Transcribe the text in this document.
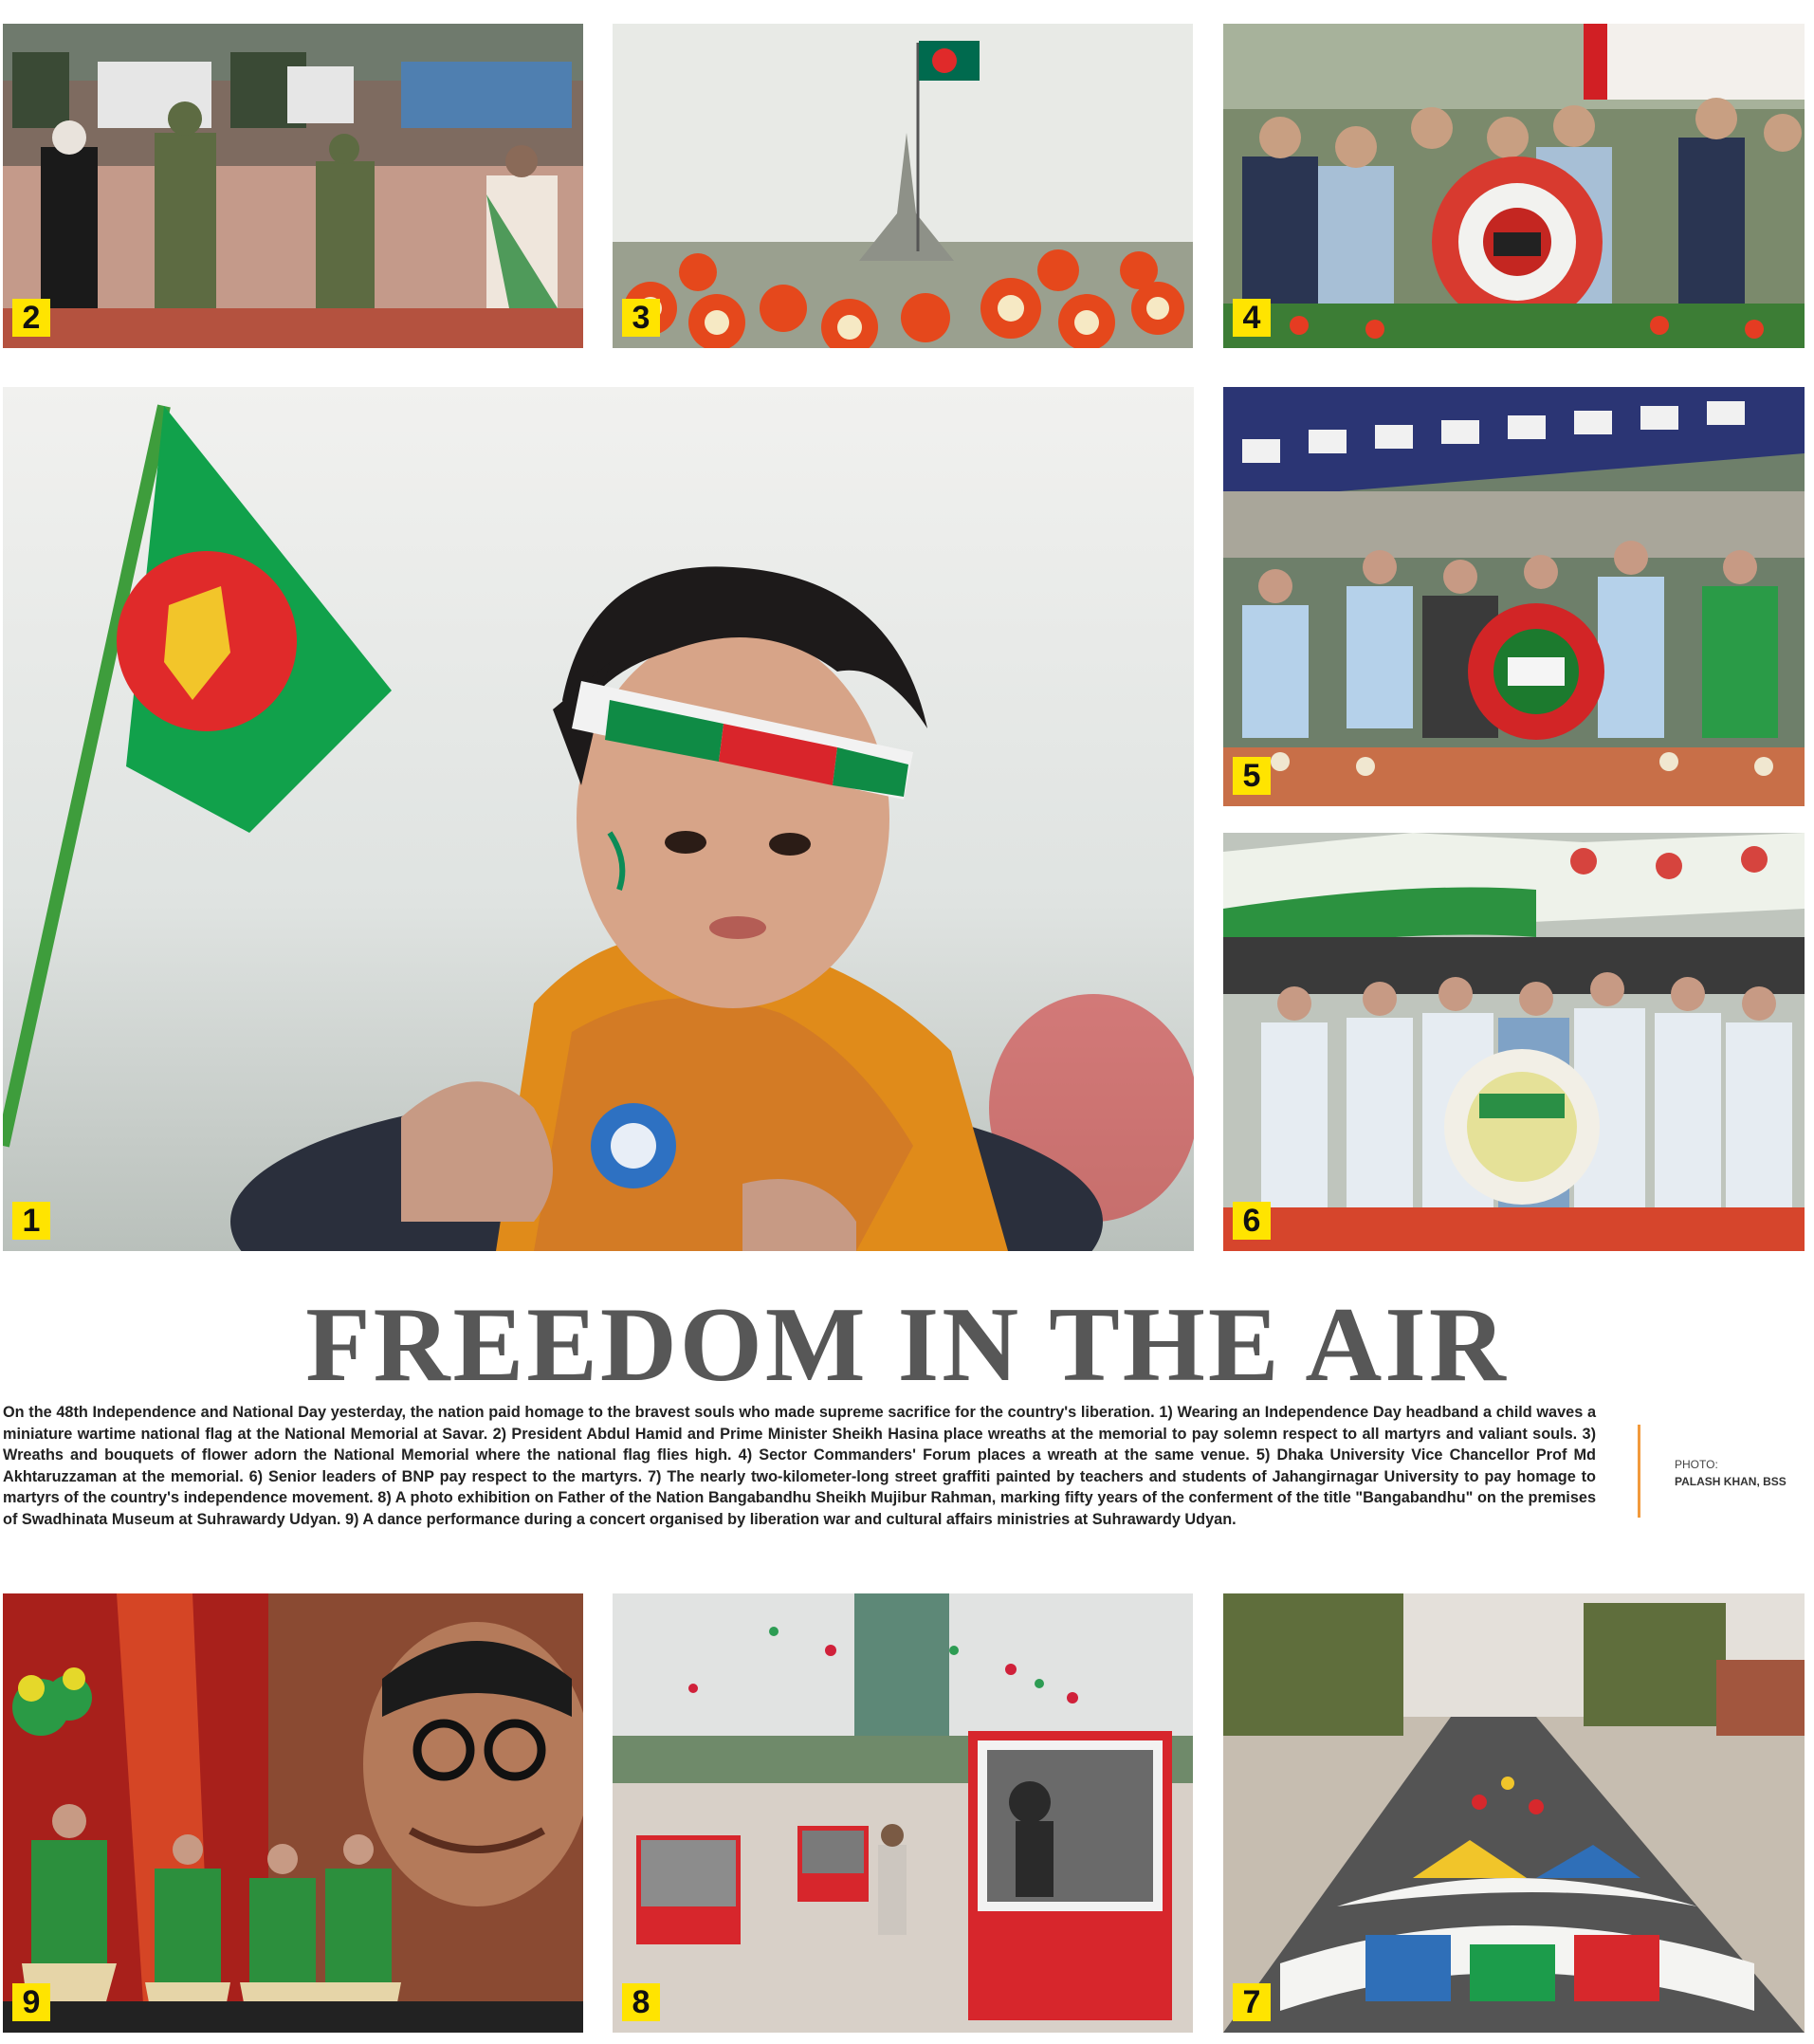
2	3	4
1
5
6
FREEDOM IN THE AIR
On the 48th Independence and National Day yesterday, the nation paid homage to the bravest souls who made supreme sacrifice for the country's liberation. 1) Wearing an Independence Day headband a child waves a miniature wartime national flag at the National Memorial at Savar. 2) President Abdul Hamid and Prime Minister Sheikh Hasina place wreaths at the memorial to pay solemn respect to all martyrs and valiant souls. 3) Wreaths and bouquets of flower adorn the National Memorial where the national flag flies high. 4) Sector Commanders' Forum places a wreath at the same venue. 5) Dhaka University Vice Chancellor Prof Md Akhtaruzzaman at the memorial. 6) Senior leaders of BNP pay respect to the martyrs. 7) The nearly two-kilometer-long street graffiti painted by teachers and students of Jahangirnagar University to pay homage to martyrs of the country's independence movement. 8) A photo exhibition on Father of the Nation Bangabandhu Sheikh Mujibur Rahman, marking fifty years of the conferment of the title "Bangabandhu" on the premises of Swadhinata Museum at Suhrawardy Udyan. 9) A dance performance during a concert organised by liberation war and cultural affairs ministries at Suhrawardy Udyan.
PHOTO:
PALASH KHAN, BSS
9	8	7
